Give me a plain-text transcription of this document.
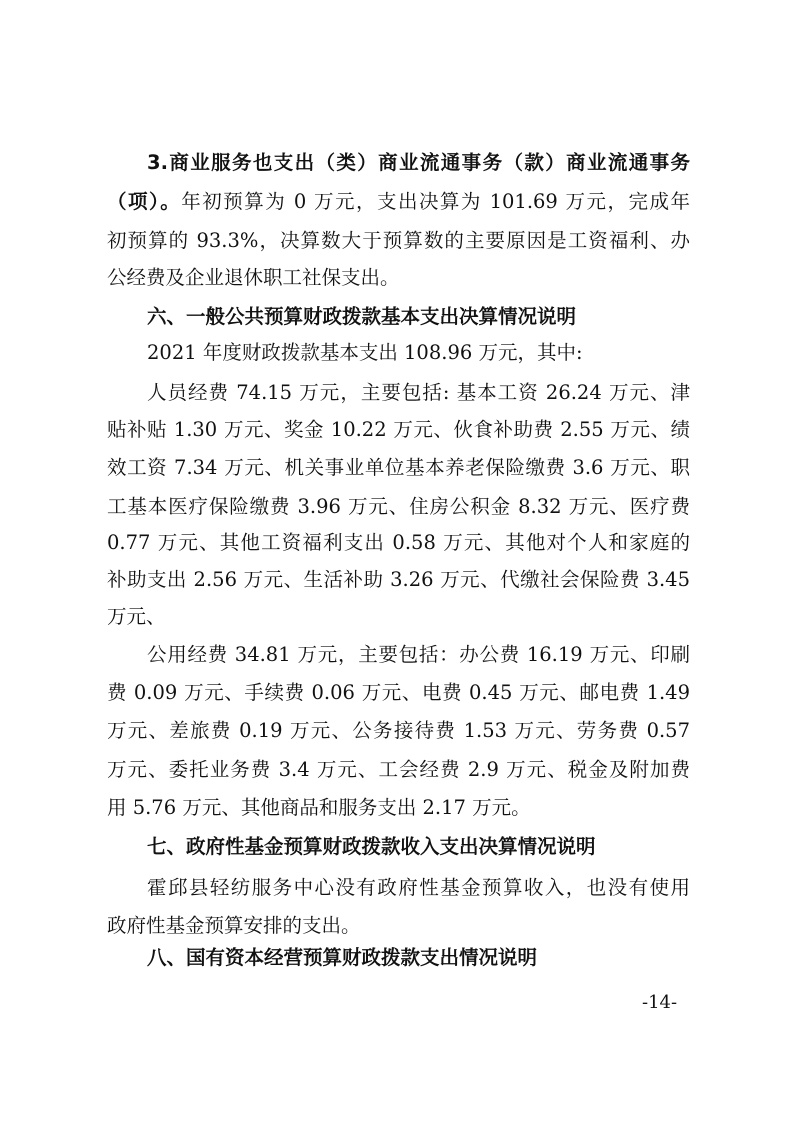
3.商业服务也支出（类）商业流通事务（款）商业流通事务
（项）。年初预算为 0 万元，支出决算为 101.69 万元，完成年
初预算的 93.3%，决算数大于预算数的主要原因是工资福利、办
公经费及企业退休职工社保支出。
六、一般公共预算财政拨款基本支出决算情况说明
2021 年度财政拨款基本支出 108.96 万元，其中:
人员经费 74.15 万元，主要包括: 基本工资 26.24 万元、津
贴补贴 1.30 万元、奖金 10.22 万元、伙食补助费 2.55 万元、绩
效工资 7.34 万元、机关事业单位基本养老保险缴费 3.6 万元、职
工基本医疗保险缴费 3.96 万元、住房公积金 8.32 万元、医疗费
0.77 万元、其他工资福利支出 0.58 万元、其他对个人和家庭的
补助支出 2.56 万元、生活补助 3.26 万元、代缴社会保险费 3.45
万元、
公用经费 34.81 万元，主要包括：办公费 16.19 万元、印刷
费 0.09 万元、手续费 0.06 万元、电费 0.45 万元、邮电费 1.49
万元、差旅费 0.19 万元、公务接待费 1.53 万元、劳务费 0.57
万元、委托业务费 3.4 万元、工会经费 2.9 万元、税金及附加费
用 5.76 万元、其他商品和服务支出 2.17 万元。
七、政府性基金预算财政拨款收入支出决算情况说明
霍邱县轻纺服务中心没有政府性基金预算收入，也没有使用
政府性基金预算安排的支出。
八、国有资本经营预算财政拨款支出情况说明
-14-
